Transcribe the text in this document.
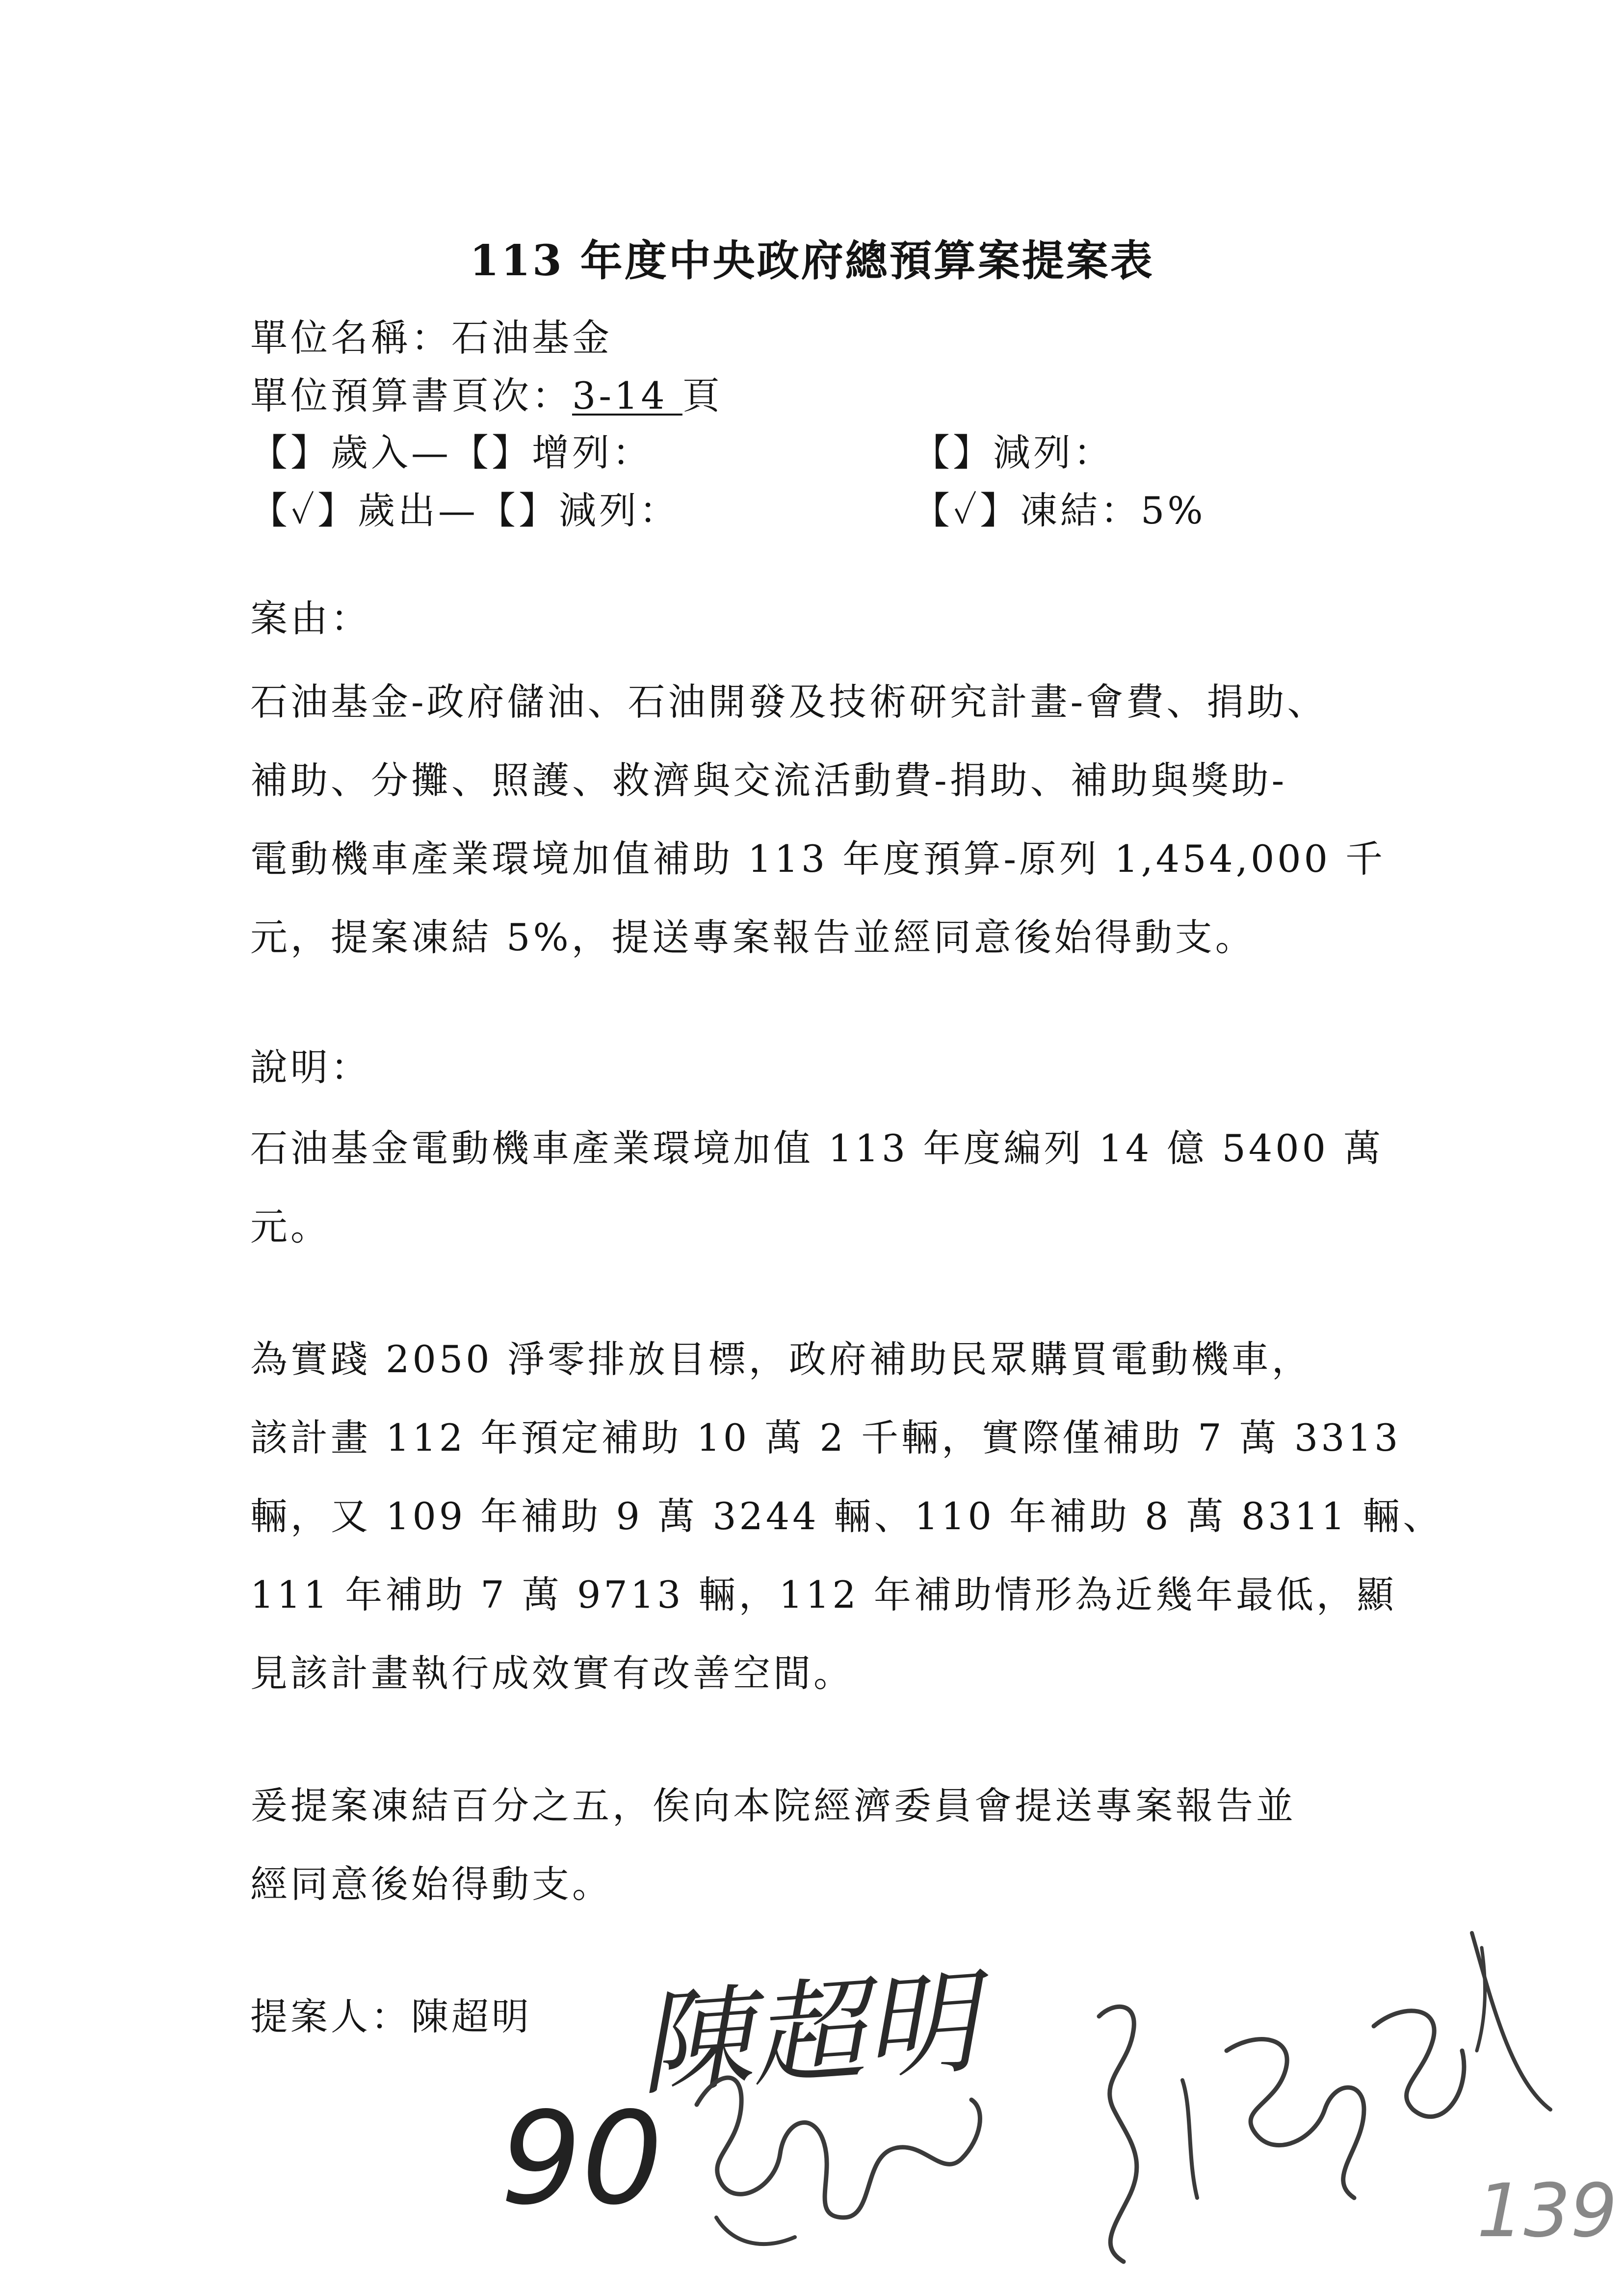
113 年度中央政府總預算案提案表
單位名稱：石油基金
單位預算書頁次：3-14 頁
【】歲入—【】增列：	【】減列：
【✓】歲出—【】減列：	【✓】凍結：5%
案由：
石油基金-政府儲油、石油開發及技術研究計畫-會費、捐助、
補助、分攤、照護、救濟與交流活動費-捐助、補助與獎助-
電動機車產業環境加值補助 113 年度預算-原列 1,454,000 千
元，提案凍結 5%，提送專案報告並經同意後始得動支。
說明：
石油基金電動機車產業環境加值 113 年度編列 14 億 5400 萬
元。
為實踐 2050 淨零排放目標，政府補助民眾購買電動機車，
該計畫 112 年預定補助 10 萬 2 千輛，實際僅補助 7 萬 3313
輛，又 109 年補助 9 萬 3244 輛、110 年補助 8 萬 8311 輛、
111 年補助 7 萬 9713 輛，112 年補助情形為近幾年最低，顯
見該計畫執行成效實有改善空間。
爰提案凍結百分之五，俟向本院經濟委員會提送專案報告並
經同意後始得動支。
提案人：陳超明 陳超明
90	139
